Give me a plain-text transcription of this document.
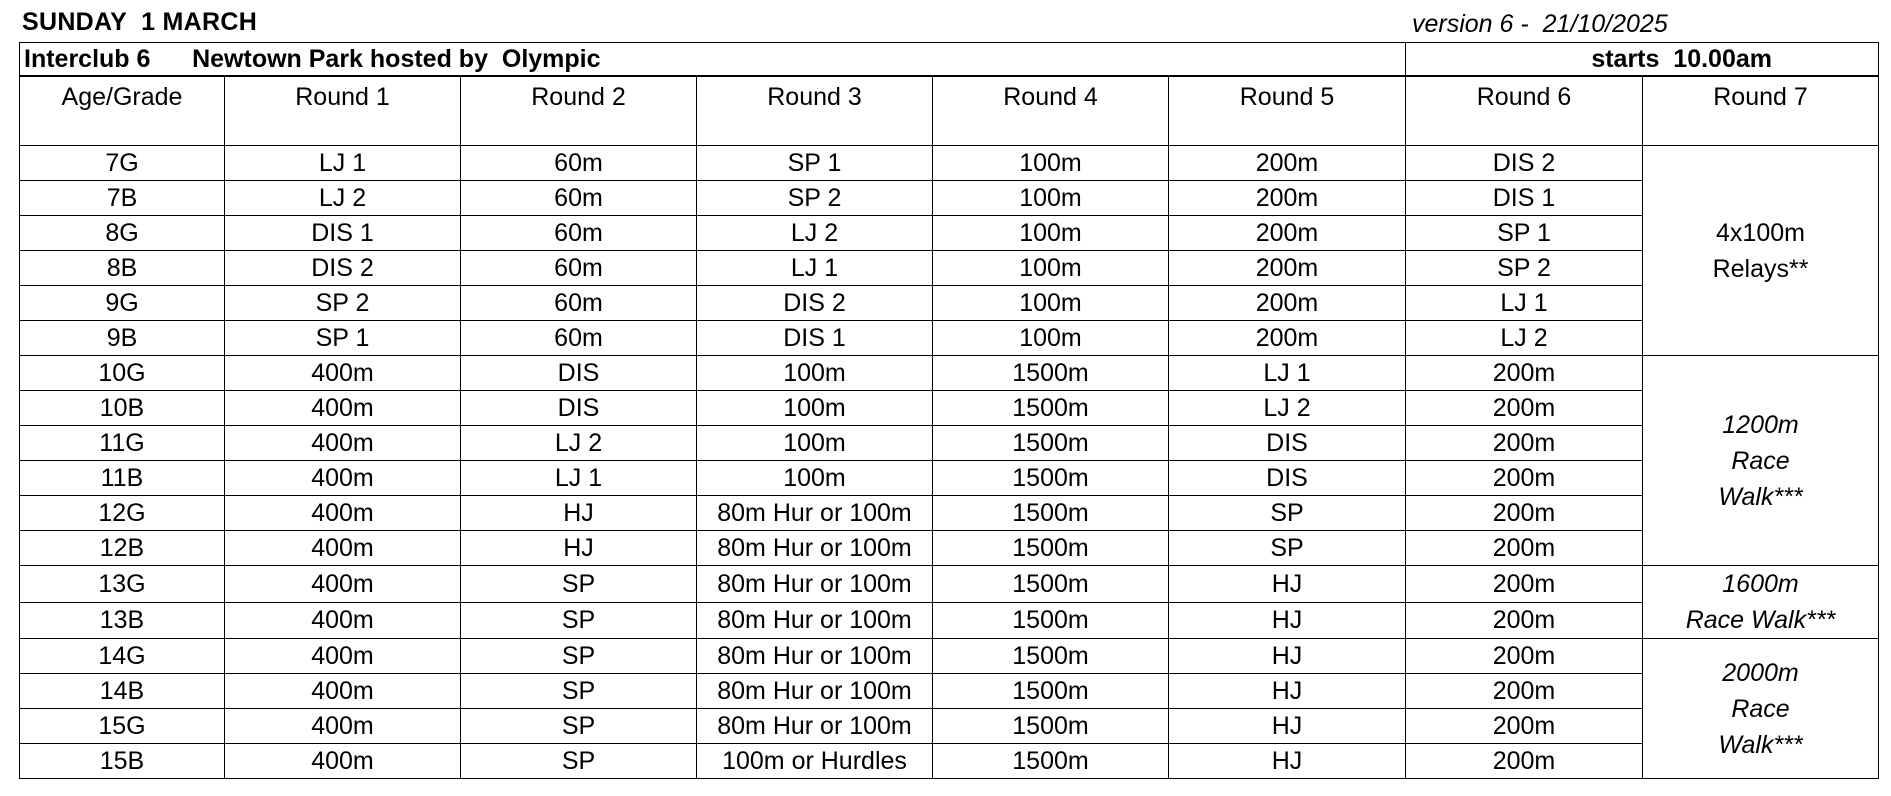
SUNDAY  1 MARCH	version 6 -  21/10/2025
Interclub 6      Newtown Park hosted by  Olympic						starts  10.00am	
Age/Grade	Round 1	Round 2	Round 3	Round 4	Round 5	Round 6	Round 7
7G	LJ 1	60m	SP 1	100m	200m	DIS 2	4x100m
Relays**

7B	LJ 2	60m	SP 2	100m	200m	DIS 1	
8G	DIS 1	60m	LJ 2	100m	200m	SP 1	
8B	DIS 2	60m	LJ 1	100m	200m	SP 2	
9G	SP 2	60m	DIS 2	100m	200m	LJ 1	
9B	SP 1	60m	DIS 1	100m	200m	LJ 2	
10G	400m	DIS	100m	1500m	LJ 1	200m	1200m
Race
Walk***

10B	400m	DIS	100m	1500m	LJ 2	200m	
11G	400m	LJ 2	100m	1500m	DIS	200m	
11B	400m	LJ 1	100m	1500m	DIS	200m	
12G	400m	HJ	80m Hur or 100m	1500m	SP	200m	
12B	400m	HJ	80m Hur or 100m	1500m	SP	200m	
13G	400m	SP	80m Hur or 100m	1500m	HJ	200m	1600m
Race Walk***

13B	400m	SP	80m Hur or 100m	1500m	HJ	200m	
14G	400m	SP	80m Hur or 100m	1500m	HJ	200m	2000m
Race
Walk***

14B	400m	SP	80m Hur or 100m	1500m	HJ	200m	
15G	400m	SP	80m Hur or 100m	1500m	HJ	200m	
15B	400m	SP	100m or Hurdles	1500m	HJ	200m	
